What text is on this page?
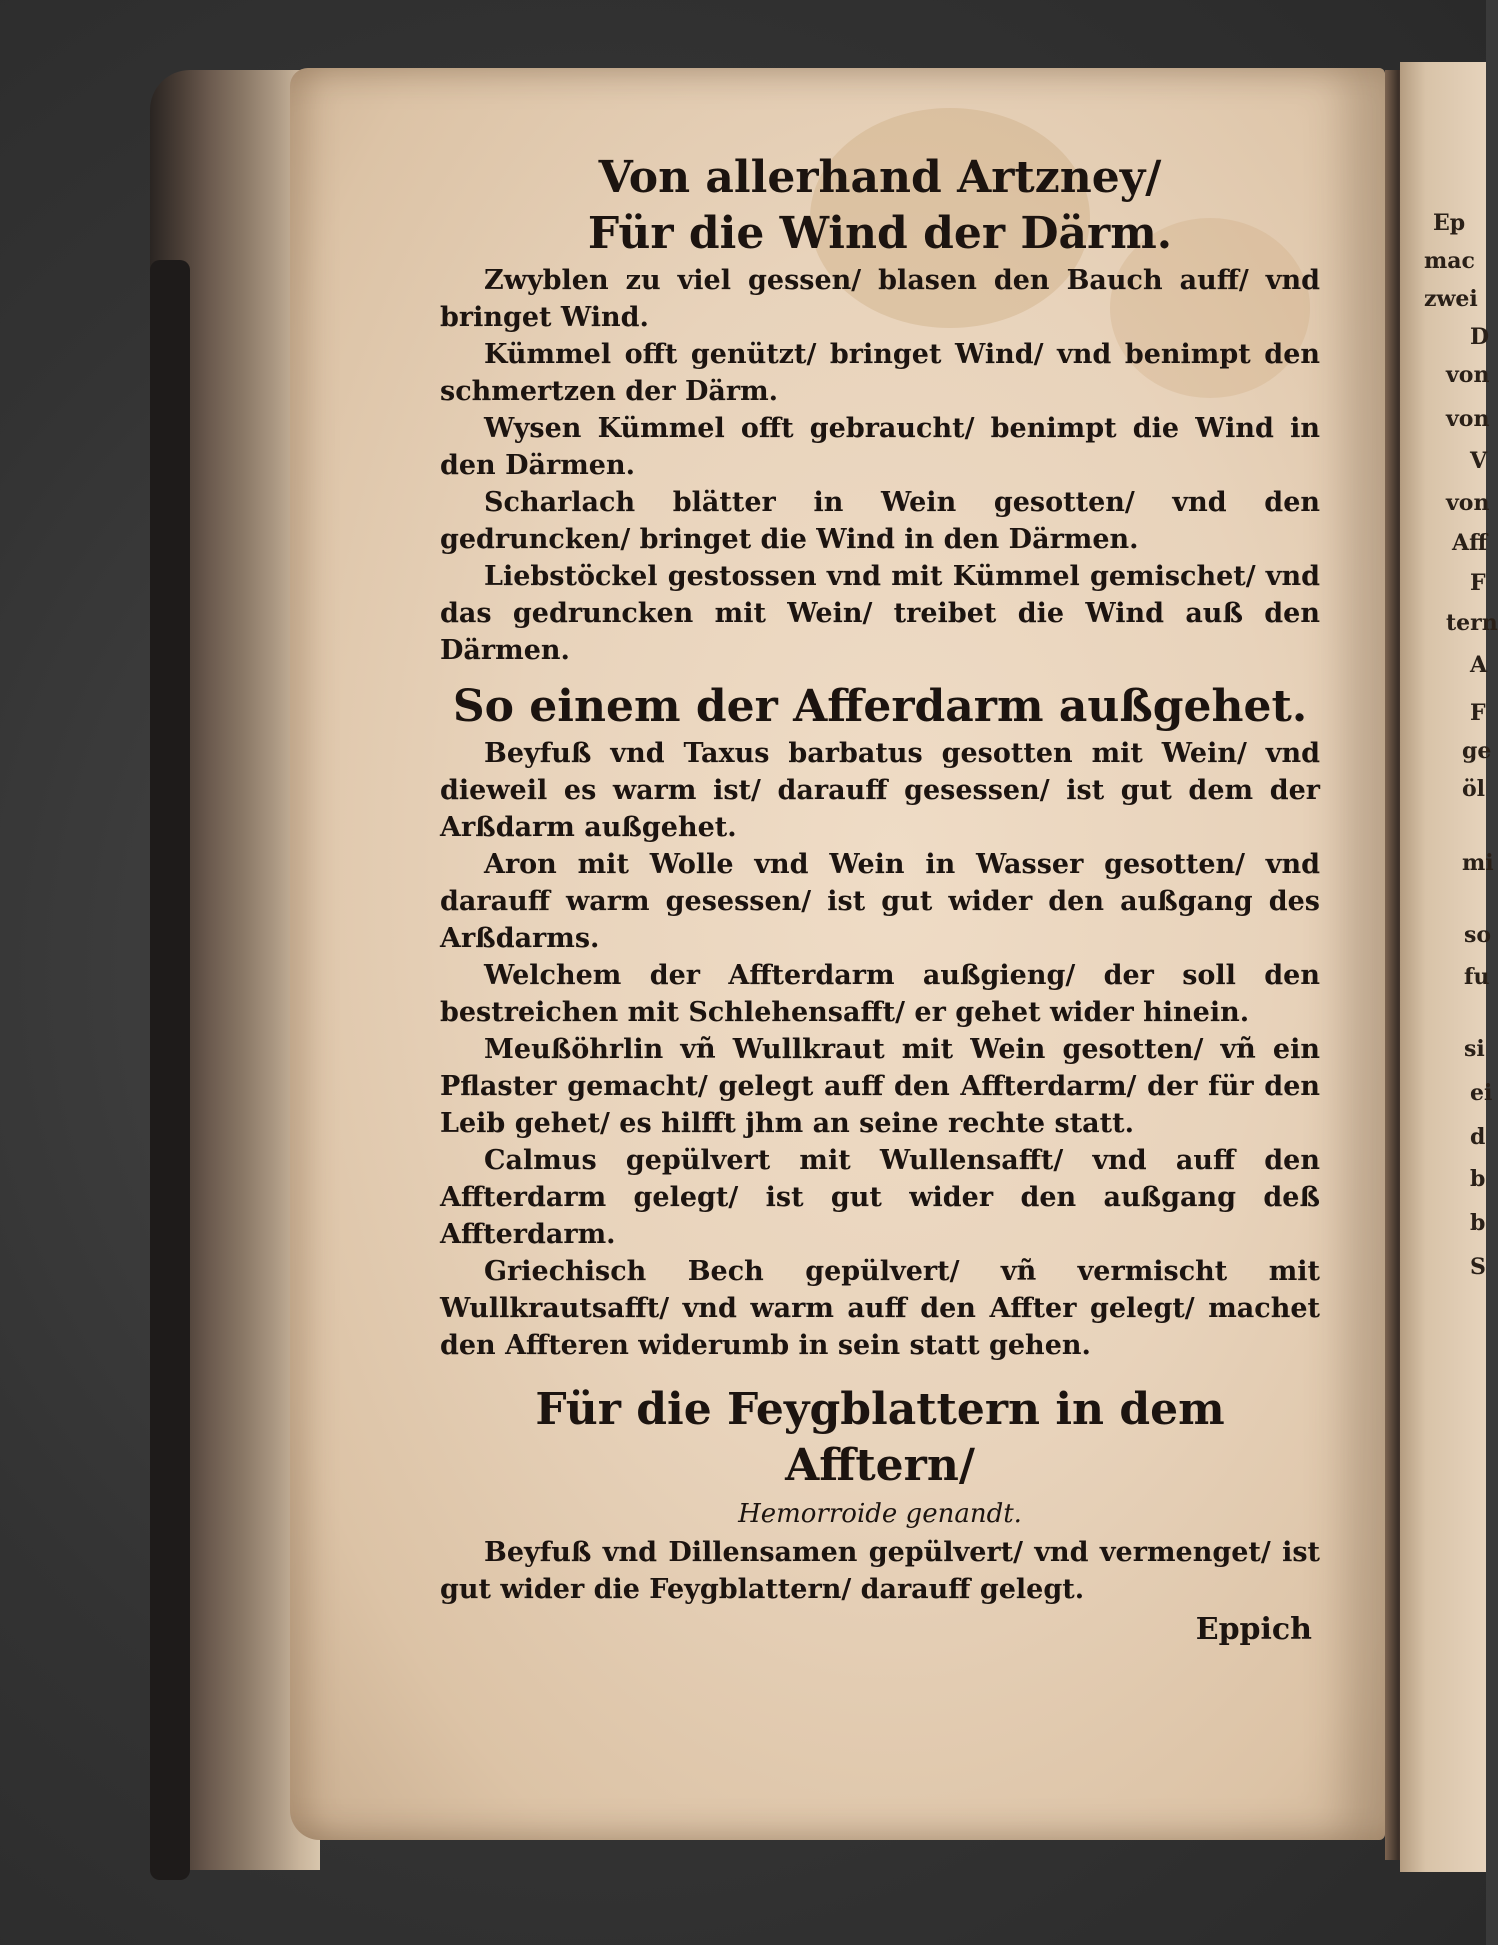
Ep
mac
zwei
D
von
von
V
von
Aff
F
tern
A
F
ge
öl
mi
so
fu
si
ei
d
b
b
S
Von allerhand Artzney/
Für die Wind der Därm.

Zwyblen zu viel gessen/ blasen den Bauch auff/ vnd bringet Wind.

Kümmel offt genützt/ bringet Wind/ vnd benimpt den schmertzen der Därm.

Wysen Kümmel offt gebraucht/ benimpt die Wind in den Därmen.

Scharlach blätter in Wein gesotten/ vnd den gedruncken/ bringet die Wind in den Därmen.

Liebstöckel gestossen vnd mit Kümmel gemischet/ vnd das gedruncken mit Wein/ treibet die Wind auß den Därmen.

So einem der Afferdarm außgehet.

Beyfuß vnd Taxus barbatus gesotten mit Wein/ vnd dieweil es warm ist/ darauff gesessen/ ist gut dem der Arßdarm außgehet.

Aron mit Wolle vnd Wein in Wasser gesotten/ vnd darauff warm gesessen/ ist gut wider den außgang des Arßdarms.

Welchem der Affterdarm außgieng/ der soll den bestreichen mit Schlehensafft/ er gehet wider hinein.

Meußöhrlin vñ Wullkraut mit Wein gesotten/ vñ ein Pflaster gemacht/ gelegt auff den Affterdarm/ der für den Leib gehet/ es hilfft jhm an seine rechte statt.

Calmus gepülvert mit Wullensafft/ vnd auff den Affterdarm gelegt/ ist gut wider den außgang deß Affterdarm.

Griechisch Bech gepülvert/ vñ vermischt mit Wullkrautsafft/ vnd warm auff den Affter gelegt/ machet den Affteren widerumb in sein statt gehen.

Für die Feygblattern in dem Afftern/

Hemorroide genandt.

Beyfuß vnd Dillensamen gepülvert/ vnd vermenget/ ist gut wider die Feygblattern/ darauff gelegt.

Eppich
